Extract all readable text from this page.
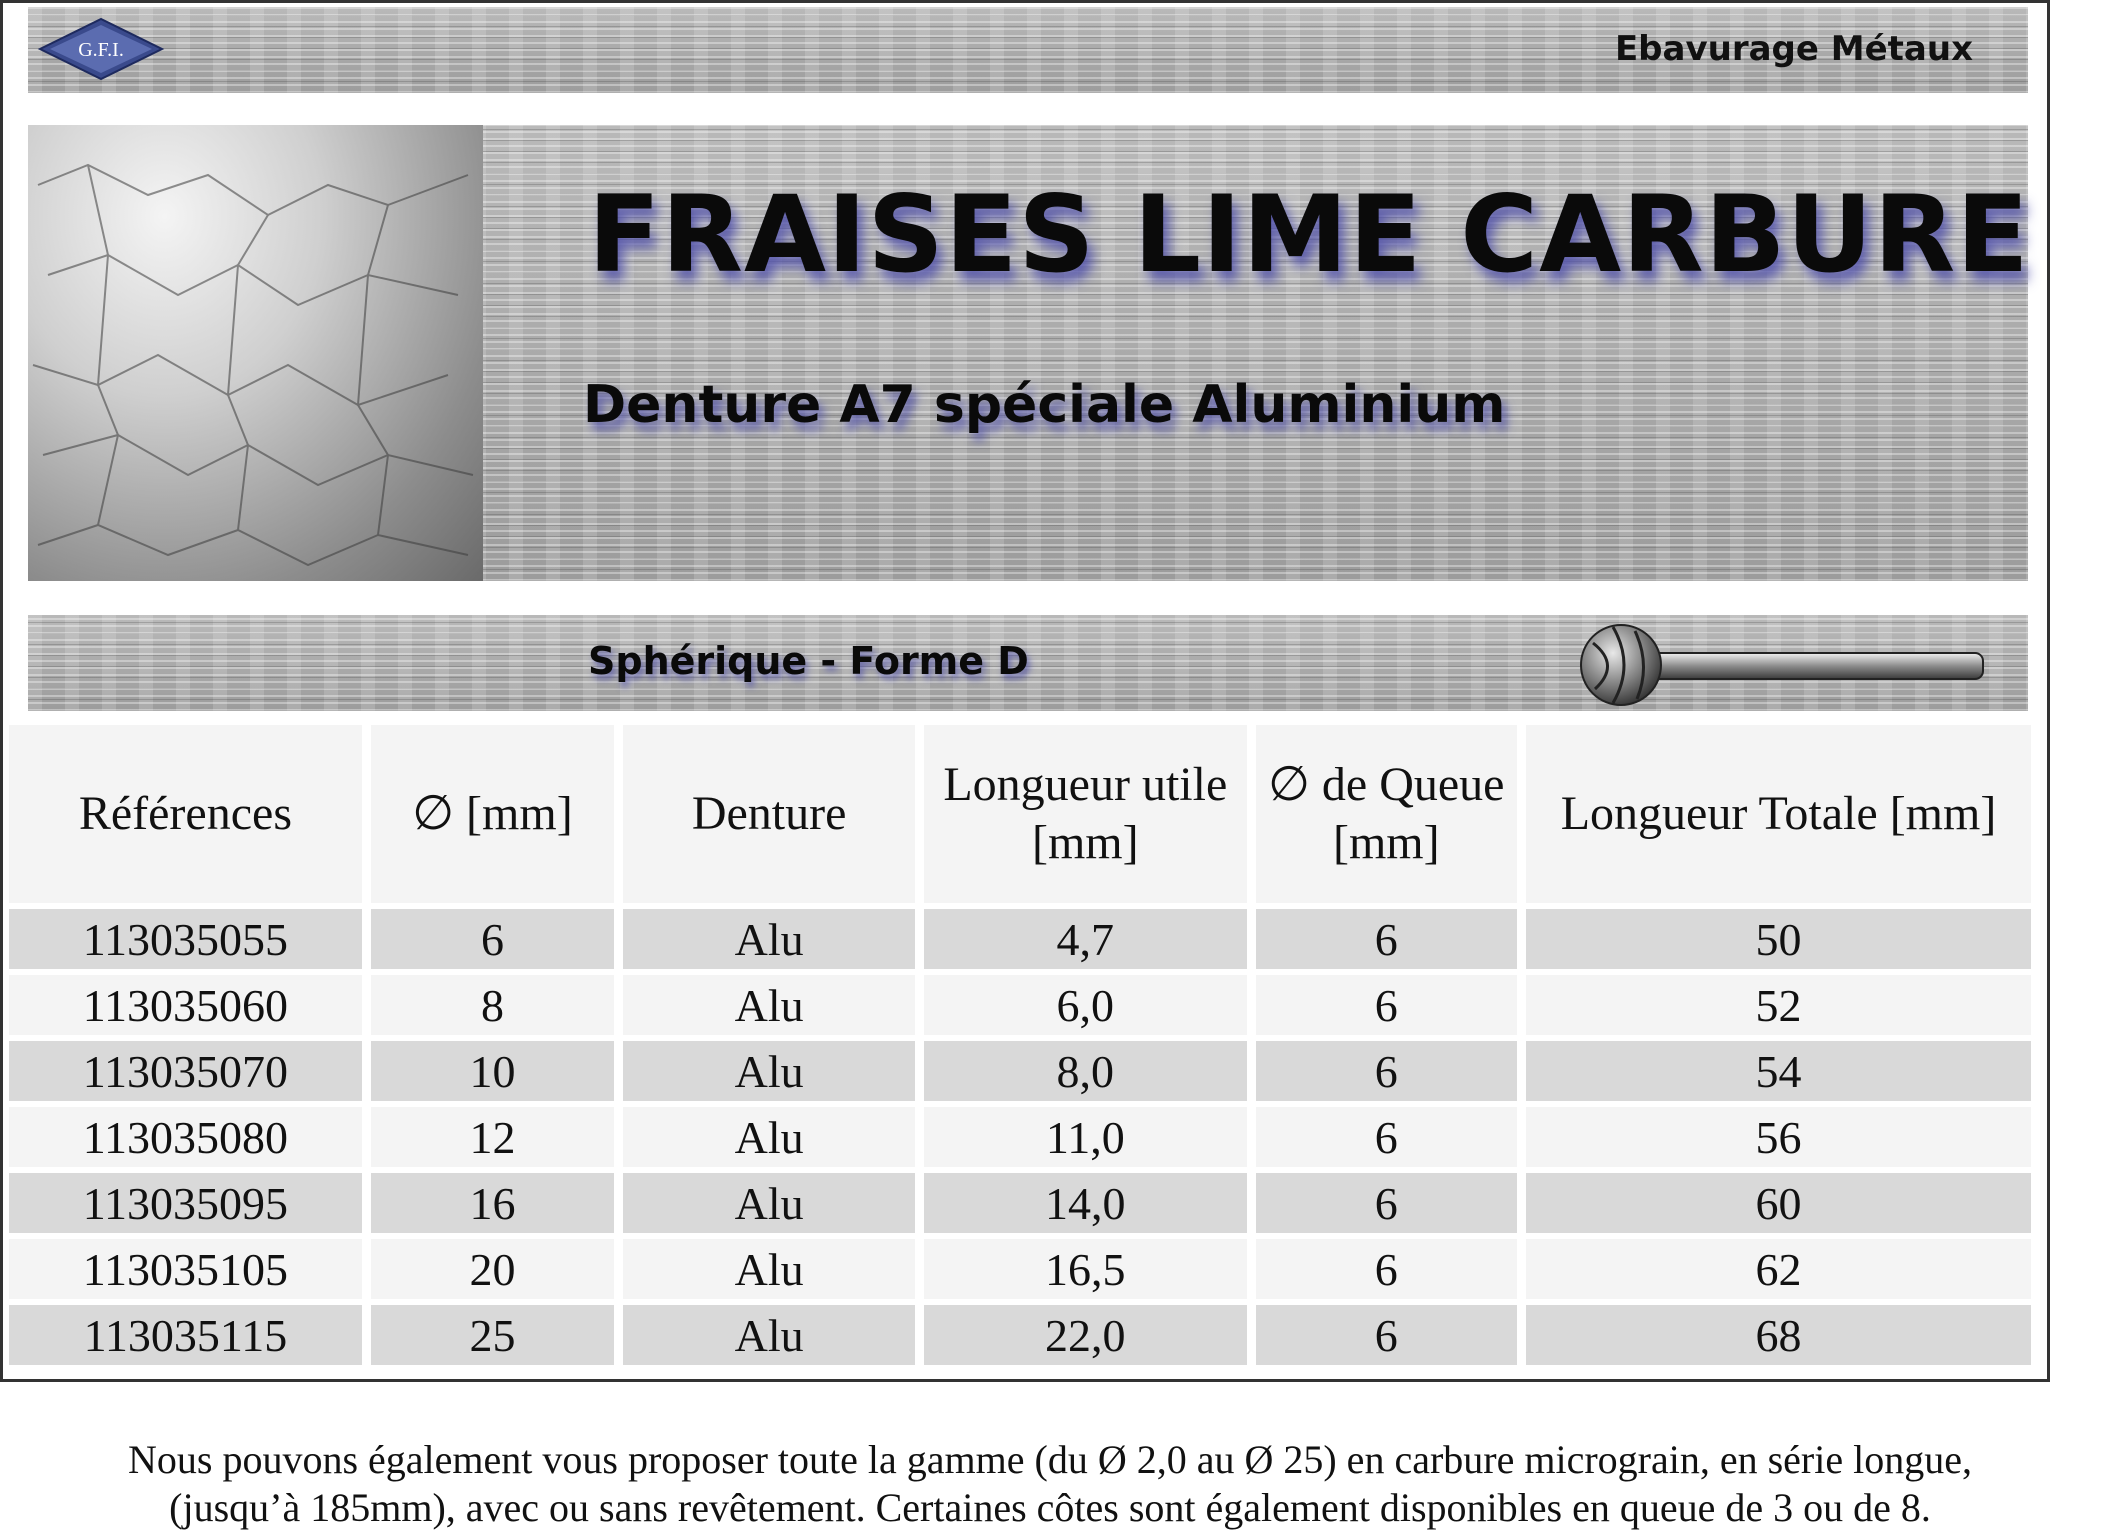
G.F.I.	Ebavurage Métaux
FRAISES LIME CARBURE
Denture A7 spéciale Aluminium
Sphérique - Forme D
Références	∅ [mm]	Denture	Longueur utile [mm]	∅ de Queue [mm]	Longueur Totale [mm]
113035055	6	Alu	4,7	6	50
113035060	8	Alu	6,0	6	52
113035070	10	Alu	8,0	6	54
113035080	12	Alu	11,0	6	56
113035095	16	Alu	14,0	6	60
113035105	20	Alu	16,5	6	62
113035115	25	Alu	22,0	6	68
Nous pouvons également vous proposer toute la gamme (du Ø 2,0 au Ø 25) en carbure micrograin, en série longue,
(jusqu’à 185mm), avec ou sans revêtement. Certaines côtes sont également disponibles en queue de 3 ou de 8.
